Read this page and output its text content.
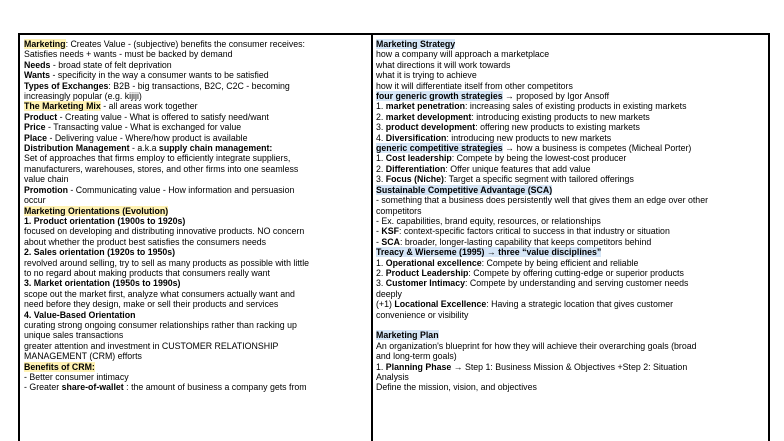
Marketing: Creates Value - (subjective) benefits the consumer receives:
Satisfies needs + wants - must be backed by demand
Needs - broad state of felt deprivation
Wants - specificity in the way a consumer wants to be satisfied
Types of Exchanges: B2B - big transactions, B2C, C2C - becoming
increasingly popular (e.g. kijiji)
The Marketing Mix - all areas work together
Product - Creating value - What is offered to satisfy need/want
Price - Transacting value - What is exchanged for value
Place - Delivering value - Where/how product is available
Distribution Management - a.k.a supply chain management:
Set of approaches that firms employ to efficiently integrate suppliers,
manufacturers, warehouses, stores, and other firms into one seamless
value chain
Promotion - Communicating value - How information and persuasion
occur
Marketing Orientations (Evolution)
1. Product orientation (1900s to 1920s)
focused on developing and distributing innovative products. NO concern
about whether the product best satisfies the consumers needs
2. Sales orientation (1920s to 1950s)
revolved around selling, try to sell as many products as possible with little
to no regard about making products that consumers really want
3. Market orientation (1950s to 1990s)
scope out the market first, analyze what consumers actually want and
need before they design, make or sell their products and services
4. Value-Based Orientation
curating strong ongoing consumer relationships rather than racking up
unique sales transactions
greater attention and investment in CUSTOMER RELATIONSHIP
MANAGEMENT (CRM) efforts
Benefits of CRM:
- Better consumer intimacy
- Greater share-of-wallet : the amount of business a company gets from
Marketing Strategy
how a company will approach a marketplace
what directions it will work towards
what it is trying to achieve
how it will differentiate itself from other competitors
four generic growth strategies → proposed by Igor Ansoff
1. market penetration: increasing sales of existing products in existing markets
2. market development: introducing existing products to new markets
3. product development: offering new products to existing markets
4. Diversification: introducing new products to new markets
generic competitive strategies → how a business is competes (Micheal Porter)
1. Cost leadership: Compete by being the lowest-cost producer
2. Differentiation: Offer unique features that add value
3. Focus (Niche): Target a specific segment with tailored offerings
Sustainable Competitive Advantage (SCA)
- something that a business does persistently well that gives them an edge over other
competitors
- Ex. capabilities, brand equity, resources, or relationships
- KSF: context-specific factors critical to success in that industry or situation
- SCA: broader, longer-lasting capability that keeps competitors behind
Treacy & Wierseme (1995) → three “value disciplines”
1. Operational excellence: Compete by being efficient and reliable
2. Product Leadership: Compete by offering cutting-edge or superior products
3. Customer Intimacy: Compete by understanding and serving customer needs
deeply
(+1) Locational Excellence: Having a strategic location that gives customer
convenience or visibility
Marketing Plan
An organization's blueprint for how they will achieve their overarching goals (broad
and long-term goals)
1. Planning Phase → Step 1: Business Mission & Objectives +Step 2: Situation
Analysis
Define the mission, vision, and objectives
